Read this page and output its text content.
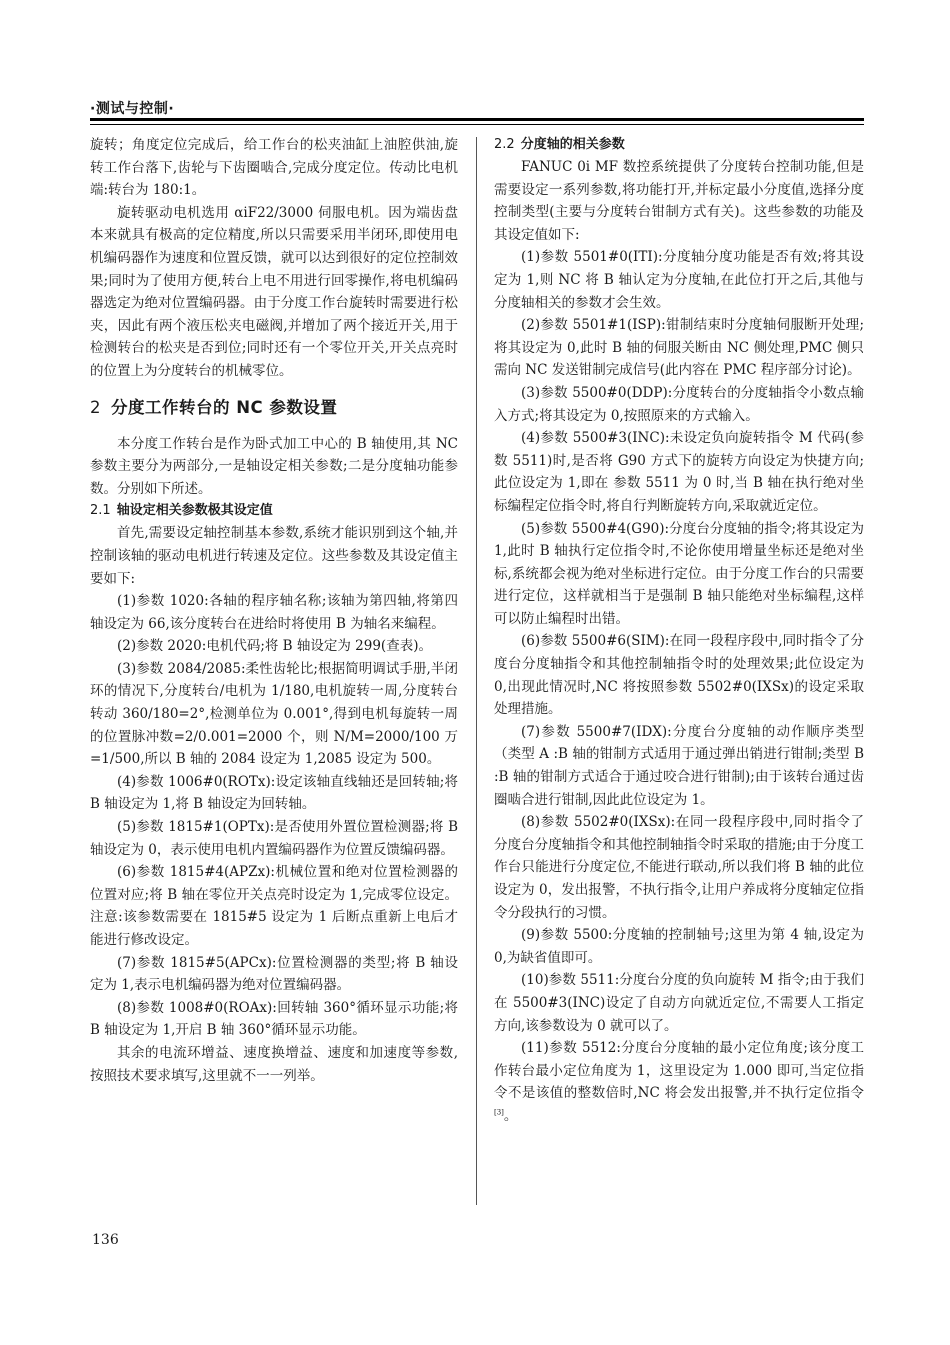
·测试与控制·

旋转；角度定位完成后，给工作台的松夹油缸上油腔供油,旋转工作台落下,齿轮与下齿圈啮合,完成分度定位。传动比电机端:转台为 180:1。

旋转驱动电机选用 αiF22/3000 伺服电机。因为端齿盘本来就具有极高的定位精度,所以只需要采用半闭环,即使用电机编码器作为速度和位置反馈，就可以达到很好的定位控制效果;同时为了使用方便,转台上电不用进行回零操作,将电机编码器选定为绝对位置编码器。由于分度工作台旋转时需要进行松夹，因此有两个液压松夹电磁阀,并增加了两个接近开关,用于检测转台的松夹是否到位;同时还有一个零位开关,开关点亮时的位置上为分度转台的机械零位。

2 分度工作转台的 NC 参数设置

本分度工作转台是作为卧式加工中心的 B 轴使用,其 NC 参数主要分为两部分,一是轴设定相关参数;二是分度轴功能参数。分别如下所述。

2.1 轴设定相关参数极其设定值

首先,需要设定轴控制基本参数,系统才能识别到这个轴,并控制该轴的驱动电机进行转速及定位。这些参数及其设定值主要如下:

(1)参数 1020:各轴的程序轴名称;该轴为第四轴,将第四轴设定为 66,该分度转台在进给时将使用 B 为轴名来编程。

(2)参数 2020:电机代码;将 B 轴设定为 299(查表)。

(3)参数 2084/2085:柔性齿轮比;根据简明调试手册,半闭环的情况下,分度转台/电机为 1/180,电机旋转一周,分度转台转动 360/180=2°,检测单位为 0.001°,得到电机每旋转一周的位置脉冲数=2/0.001=2000 个，则 N/M=2000/100 万=1/500,所以 B 轴的 2084 设定为 1,2085 设定为 500。

(4)参数 1006#0(ROTx):设定该轴直线轴还是回转轴;将 B 轴设定为 1,将 B 轴设定为回转轴。

(5)参数 1815#1(OPTx):是否使用外置位置检测器;将 B 轴设定为 0，表示使用电机内置编码器作为位置反馈编码器。

(6)参数 1815#4(APZx):机械位置和绝对位置检测器的位置对应;将 B 轴在零位开关点亮时设定为 1,完成零位设定。注意:该参数需要在 1815#5 设定为 1 后断点重新上电后才能进行修改设定。

(7)参数 1815#5(APCx):位置检测器的类型;将 B 轴设定为 1,表示电机编码器为绝对位置编码器。

(8)参数 1008#0(ROAx):回转轴 360°循环显示功能;将 B 轴设定为 1,开启 B 轴 360°循环显示功能。

其余的电流环增益、速度换增益、速度和加速度等参数,按照技术要求填写,这里就不一一列举。

2.2 分度轴的相关参数

FANUC 0i MF 数控系统提供了分度转台控制功能,但是需要设定一系列参数,将功能打开,并标定最小分度值,选择分度控制类型(主要与分度转台钳制方式有关)。这些参数的功能及其设定值如下:

(1)参数 5501#0(ITI):分度轴分度功能是否有效;将其设定为 1,则 NC 将 B 轴认定为分度轴,在此位打开之后,其他与分度轴相关的参数才会生效。

(2)参数 5501#1(ISP):钳制结束时分度轴伺服断开处理;将其设定为 0,此时 B 轴的伺服关断由 NC 侧处理,PMC 侧只需向 NC 发送钳制完成信号(此内容在 PMC 程序部分讨论)。

(3)参数 5500#0(DDP):分度转台的分度轴指令小数点输入方式;将其设定为 0,按照原来的方式输入。

(4)参数 5500#3(INC):未设定负向旋转指令 M 代码(参数 5511)时,是否将 G90 方式下的旋转方向设定为快捷方向;此位设定为 1,即在 参数 5511 为 0 时,当 B 轴在执行绝对坐标编程定位指令时,将自行判断旋转方向,采取就近定位。

(5)参数 5500#4(G90):分度台分度轴的指令;将其设定为 1,此时 B 轴执行定位指令时,不论你使用增量坐标还是绝对坐标,系统都会视为绝对坐标进行定位。由于分度工作台的只需要进行定位，这样就相当于是强制 B 轴只能绝对坐标编程,这样可以防止编程时出错。

(6)参数 5500#6(SIM):在同一段程序段中,同时指令了分度台分度轴指令和其他控制轴指令时的处理效果;此位设定为 0,出现此情况时,NC 将按照参数 5502#0(IXSx)的设定采取处理措施。

(7)参数 5500#7(IDX):分度台分度轴的动作顺序类型（类型 A :B 轴的钳制方式适用于通过弹出销进行钳制;类型 B :B 轴的钳制方式适合于通过咬合进行钳制);由于该转台通过齿圈啮合进行钳制,因此此位设定为 1。

(8)参数 5502#0(IXSx):在同一段程序段中,同时指令了分度台分度轴指令和其他控制轴指令时采取的措施;由于分度工作台只能进行分度定位,不能进行联动,所以我们将 B 轴的此位设定为 0，发出报警，不执行指令,让用户养成将分度轴定位指令分段执行的习惯。

(9)参数 5500:分度轴的控制轴号;这里为第 4 轴,设定为 0,为缺省值即可。

(10)参数 5511:分度台分度的负向旋转 M 指令;由于我们在 5500#3(INC)设定了自动方向就近定位,不需要人工指定方向,该参数设为 0 就可以了。

(11)参数 5512:分度台分度轴的最小定位角度;该分度工作转台最小定位角度为 1，这里设定为 1.000 即可,当定位指令不是该值的整数倍时,NC 将会发出报警,并不执行定位指令[3]。

136
